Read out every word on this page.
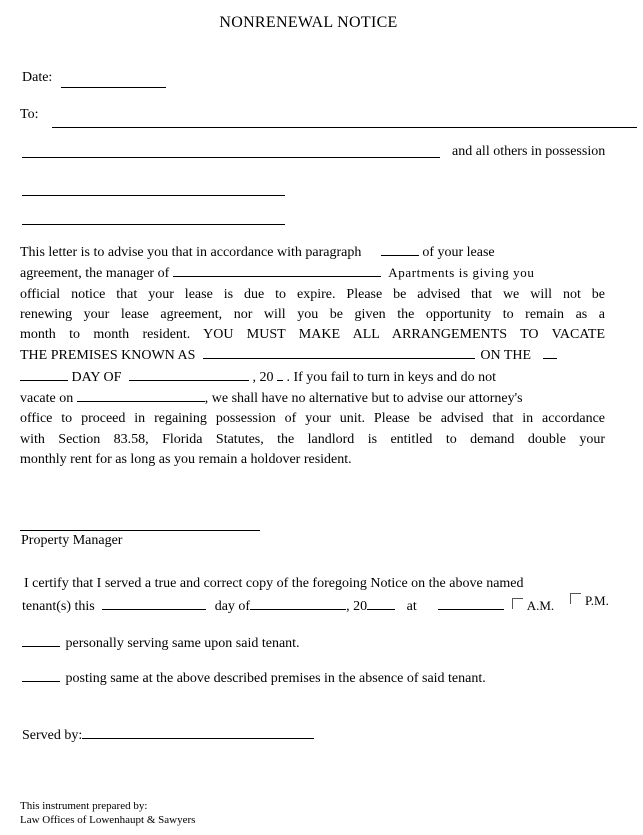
NONRENEWAL NOTICE
Date:
To:
and all others in possession
This letter is to advise you that in accordance with paragraph	of your lease
agreement, the manager of	Apartments is giving you
official notice that your lease is due to expire. Please be advised that we will not be
renewing your lease agreement, nor will you be given the opportunity to remain as a
month to month resident. YOU MUST MAKE ALL ARRANGEMENTS TO VACATE
THE PREMISES KNOWN AS	ON THE
DAY OF	, 20 . If you fail to turn in keys and do not
vacate on	, we shall have no alternative but to advise our attorney's
office to proceed in regaining possession of your unit. Please be advised that in accordance
with Section 83.58, Florida Statutes, the landlord is entitled to demand double your
monthly rent for as long as you remain a holdover resident.
Property Manager
I certify that I served a true and correct copy of the foregoing Notice on the above named
tenant(s) this	day of	, 20	at	A.M.	P.M.
personally serving same upon said tenant.
posting same at the above described premises in the absence of said tenant.
Served by:
This instrument prepared by:
Law Offices of Lowenhaupt & Sawyers
